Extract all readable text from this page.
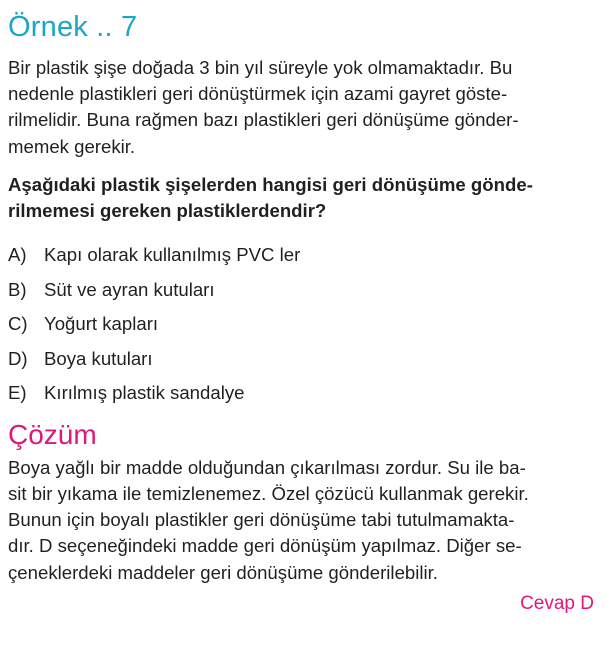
Örnek .. 7
Bir plastik şişe doğada 3 bin yıl süreyle yok olmamaktadır. Bu
nedenle plastikleri geri dönüştürmek için azami gayret göste-
rilmelidir. Buna rağmen bazı plastikleri geri dönüşüme gönder-
memek gerekir.
Aşağıdaki plastik şişelerden hangisi geri dönüşüme gönde-
rilmemesi gereken plastiklerdendir?
A) Kapı olarak kullanılmış PVC ler
B) Süt ve ayran kutuları
C) Yoğurt kapları
D) Boya kutuları
E) Kırılmış plastik sandalye
Çözüm
Boya yağlı bir madde olduğundan çıkarılması zordur. Su ile ba-
sit bir yıkama ile temizlenemez. Özel çözücü kullanmak gerekir.
Bunun için boyalı plastikler geri dönüşüme tabi tutulmamakta-
dır. D seçeneğindeki madde geri dönüşüm yapılmaz. Diğer se-
çeneklerdeki maddeler geri dönüşüme gönderilebilir.
Cevap D
